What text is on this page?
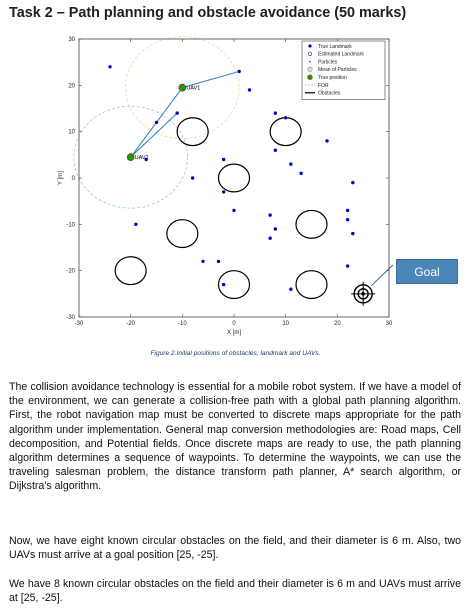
Task 2 – Path planning and obstacle avoidance (50 marks)
UAV1
UAV2
-30	-20	-10	0	10	20	30
30
20
10
0
-10
-20
-30
X [m]
Y [m]
True Landmark
Estimated Landmark
Particles
Mean of Particles
True position
FOR
Obstacles
Figure 2.Initial positions of obstacles, landmark and UAVs.
Goal

The collision avoidance technology is essential for a mobile robot system. If we have a model of the environment, we can generate a collision-free path with a global path planning algorithm. First, the robot navigation map must be converted to discrete maps appropriate for the path algorithm under implementation. General map conversion methodologies are: Road maps, Cell decomposition, and Potential fields. Once discrete maps are ready to use, the path planning algorithm determines a sequence of waypoints. To determine the waypoints, we can use the traveling salesman problem, the distance transform path planner, A* search algorithm, or Dijkstra's algorithm.

Now, we have eight known circular obstacles on the field, and their diameter is 6 m. Also, two UAVs must arrive at a goal position [25, -25].

We have 8 known circular obstacles on the field and their diameter is 6 m and UAVs must arrive at [25, -25].
